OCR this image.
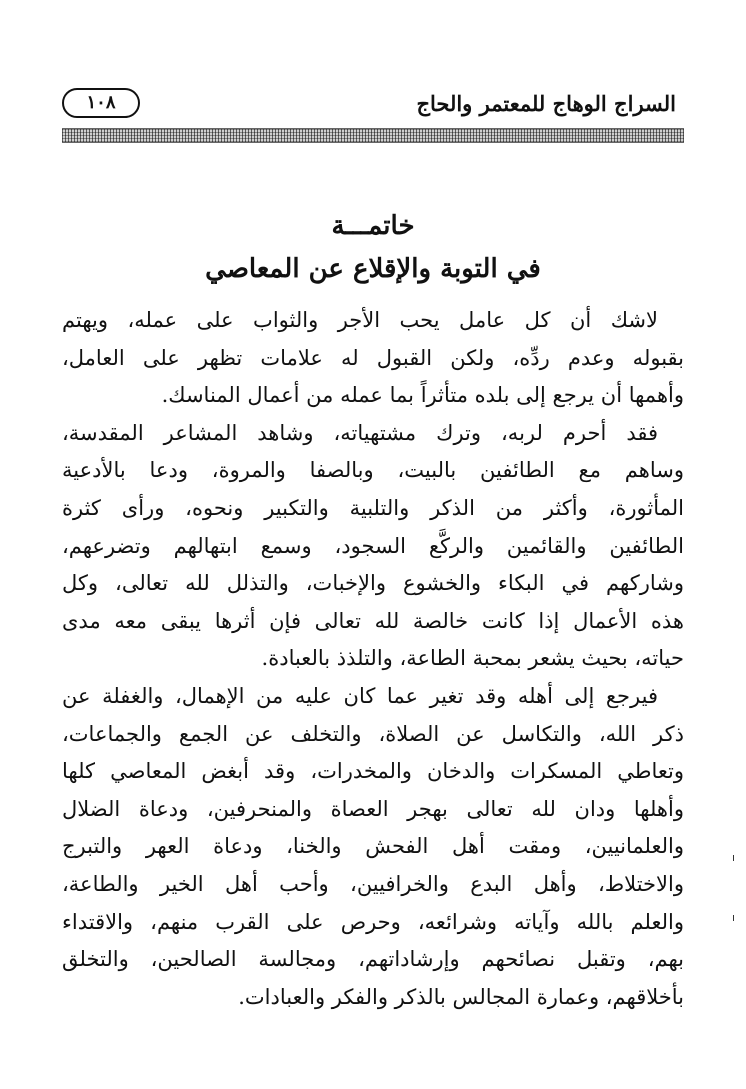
السراج الوهاج للمعتمر والحاج
١٠٨
خاتمـــة
في التوبة والإقلاع عن المعاصي
لاشك أن كل عامل يحب الأجر والثواب على عمله، ويهتم
بقبوله وعدم ردِّه، ولكن القبول له علامات تظهر على العامل،
وأهمها أن يرجع إلى بلده متأثراً بما عمله من أعمال المناسك.
فقد أحرم لربه، وترك مشتهياته، وشاهد المشاعر المقدسة،
وساهم مع الطائفين بالبيت، وبالصفا والمروة، ودعا بالأدعية
المأثورة، وأكثر من الذكر والتلبية والتكبير ونحوه، ورأى كثرة
الطائفين والقائمين والركَّع السجود، وسمع ابتهالهم وتضرعهم،
وشاركهم في البكاء والخشوع والإخبات، والتذلل لله تعالى، وكل
هذه الأعمال إذا كانت خالصة لله تعالى فإن أثرها يبقى معه مدى
حياته، بحيث يشعر بمحبة الطاعة، والتلذذ بالعبادة.
فيرجع إلى أهله وقد تغير عما كان عليه من الإهمال، والغفلة عن
ذكر الله، والتكاسل عن الصلاة، والتخلف عن الجمع والجماعات،
وتعاطي المسكرات والدخان والمخدرات، وقد أبغض المعاصي كلها
وأهلها ودان لله تعالى بهجر العصاة والمنحرفين، ودعاة الضلال
والعلمانيين، ومقت أهل الفحش والخنا، ودعاة العهر والتبرج
والاختلاط، وأهل البدع والخرافيين، وأحب أهل الخير والطاعة،
والعلم بالله وآياته وشرائعه، وحرص على القرب منهم، والاقتداء
بهم، وتقبل نصائحهم وإرشاداتهم، ومجالسة الصالحين، والتخلق
بأخلاقهم، وعمارة المجالس بالذكر والفكر والعبادات.
